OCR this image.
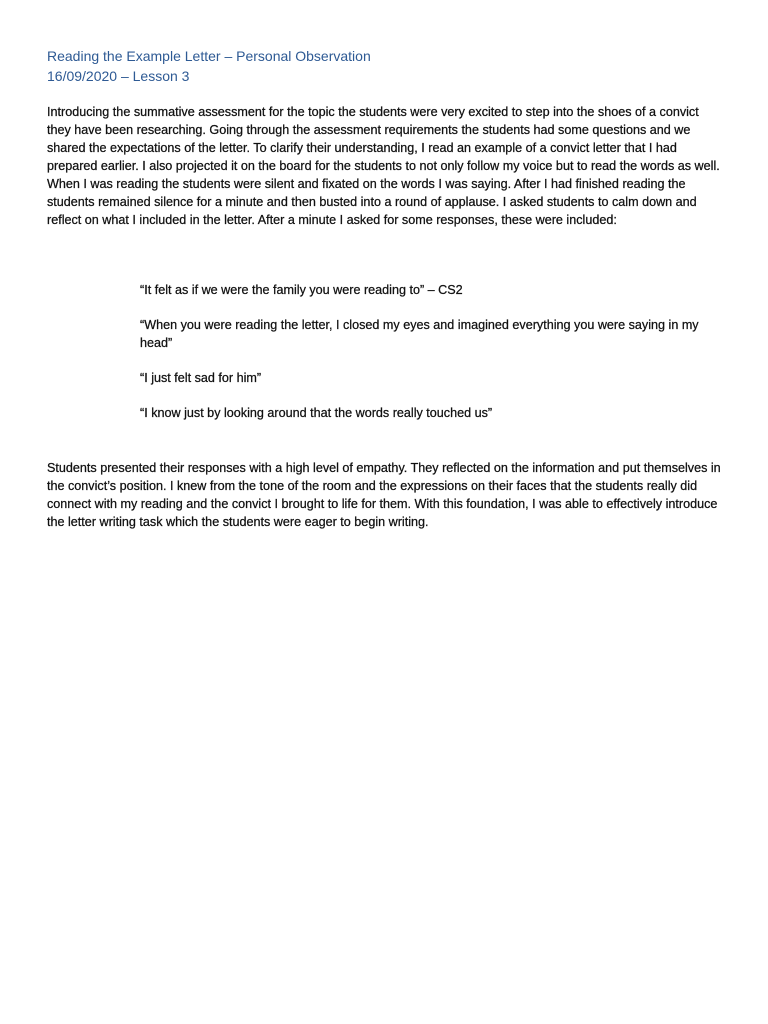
Reading the Example Letter – Personal Observation
16/09/2020 – Lesson 3

Introducing the summative assessment for the topic the students were very excited to step into the shoes of a convict they have been researching. Going through the assessment requirements the students had some questions and we shared the expectations of the letter. To clarify their understanding, I read an example of a convict letter that I had prepared earlier. I also projected it on the board for the students to not only follow my voice but to read the words as well. When I was reading the students were silent and fixated on the words I was saying. After I had finished reading the students remained silence for a minute and then busted into a round of applause. I asked students to calm down and reflect on what I included in the letter. After a minute I asked for some responses, these were included:

“It felt as if we were the family you were reading to” – CS2

“When you were reading the letter, I closed my eyes and imagined everything you were saying in my head”

“I just felt sad for him”

“I know just by looking around that the words really touched us”

Students presented their responses with a high level of empathy. They reflected on the information and put themselves in the convict’s position. I knew from the tone of the room and the expressions on their faces that the students really did connect with my reading and the convict I brought to life for them. With this foundation, I was able to effectively introduce the letter writing task which the students were eager to begin writing.
